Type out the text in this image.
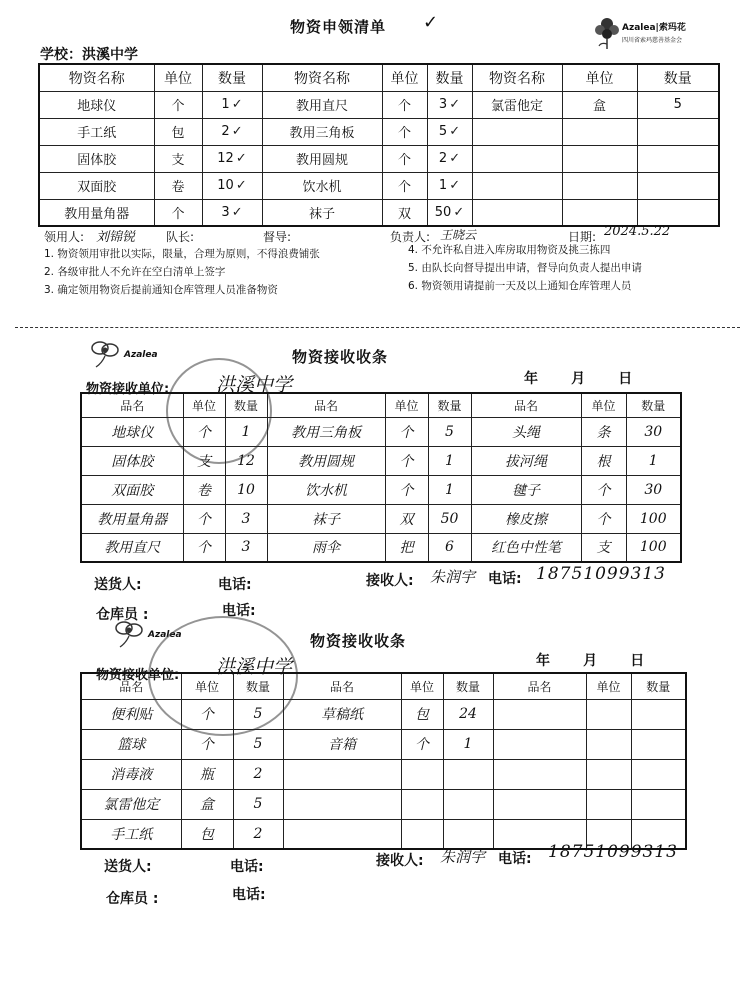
物资申领清单 ✓	Azalea|索玛花
四川省索玛慈善基金会
学校：洪溪中学
物资名称	单位	数量	物资名称	单位	数量	物资名称	单位	数量
地球仪	个	1 ✓	教用直尺	个	3 ✓	氯雷他定	盒	5
手工纸	包	2 ✓	教用三角板	个	5 ✓			
固体胶	支	12 ✓	教用圆规	个	2 ✓			
双面胶	卷	10 ✓	饮水机	个	1 ✓			
教用量角器	个	3 ✓	袜子	双	50 ✓			
领用人: 刘锦锐	队长:	督导:	负责人: 王晓云	日期: 2024.5.22
1. 物资领用审批以实际，限量，合理为原则，不得浪费铺张
2. 各级审批人不允许在空白清单上签字
3. 确定领用物资后提前通知仓库管理人员准备物资
4. 不允许私自进入库房取用物资及挑三拣四
5. 由队长向督导提出申请，督导向负责人提出申请
6. 物资领用请提前一天及以上通知仓库管理人员
Azalea	物资接收收条
年 月 日
物资接收单位: 洪溪中学
品名	单位	数量	品名	单位	数量	品名	单位	数量
地球仪	个	1	教用三角板	个	5	头绳	条	30
固体胶	支	12	教用圆规	个	1	拔河绳	根	1
双面胶	卷	10	饮水机	个	1	毽子	个	30
教用量角器	个	3	袜子	双	50	橡皮擦	个	100
教用直尺	个	3	雨伞	把	6	红色中性笔	支	100
送货人:	电话:	接收人: 朱润宇 电话: 18751099313
仓库员 :	电话:
Azalea	物资接收收条
年 月 日
物资接收单位: 洪溪中学
品名	单位	数量	品名	单位	数量	品名	单位	数量
便利贴	个	5	草稿纸	包	24			
篮球	个	5	音箱	个	1			
消毒液	瓶	2						
氯雷他定	盒	5						
手工纸	包	2						
送货人:	电话:	接收人: 朱润宇 电话: 18751099313
仓库员 :	电话:
